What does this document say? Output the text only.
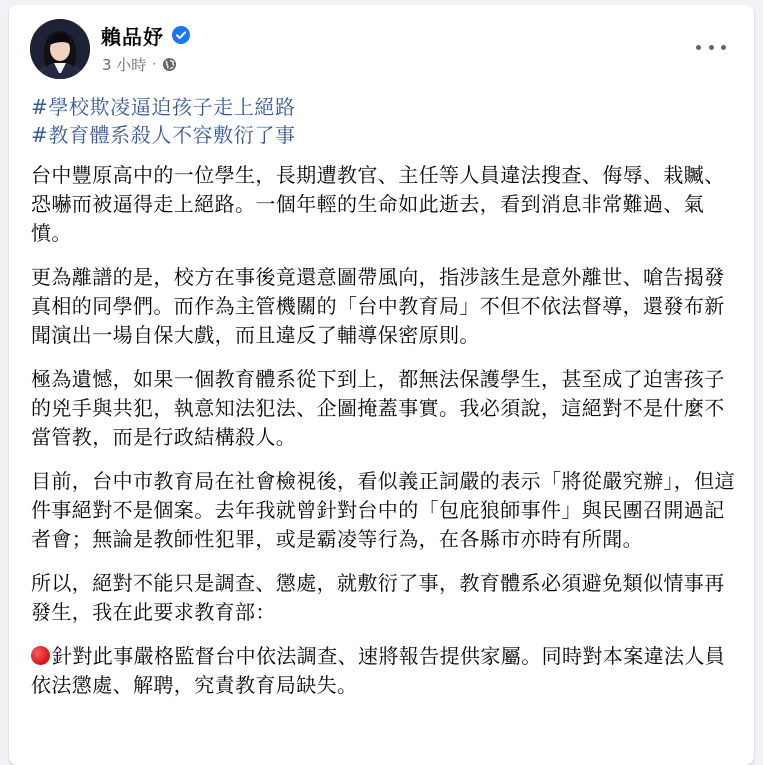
賴品妤
3 小時 ·
#學校欺凌逼迫孩子走上絕路
#教育體系殺人不容敷衍了事

台中豐原高中的一位學生，長期遭教官、主任等人員違法搜查、侮辱、栽贓、恐嚇而被逼得走上絕路。一個年輕的生命如此逝去，看到消息非常難過、氣憤。

更為離譜的是，校方在事後竟還意圖帶風向，指涉該生是意外離世、嗆告揭發真相的同學們。而作為主管機關的「台中教育局」不但不依法督導，還發布新聞演出一場自保大戲，而且違反了輔導保密原則。

極為遺憾，如果一個教育體系從下到上，都無法保護學生，甚至成了迫害孩子的兇手與共犯，執意知法犯法、企圖掩蓋事實。我必須說，這絕對不是什麼不當管教，而是行政結構殺人。

目前，台中市教育局在社會檢視後，看似義正詞嚴的表示「將從嚴究辦」，但這件事絕對不是個案。去年我就曾針對台中的「包庇狼師事件」與民團召開過記者會；無論是教師性犯罪，或是霸凌等行為，在各縣市亦時有所聞。

所以，絕對不能只是調查、懲處，就敷衍了事，教育體系必須避免類似情事再發生，我在此要求教育部：

針對此事嚴格監督台中依法調查、速將報告提供家屬。同時對本案違法人員依法懲處、解聘，究責教育局缺失。
